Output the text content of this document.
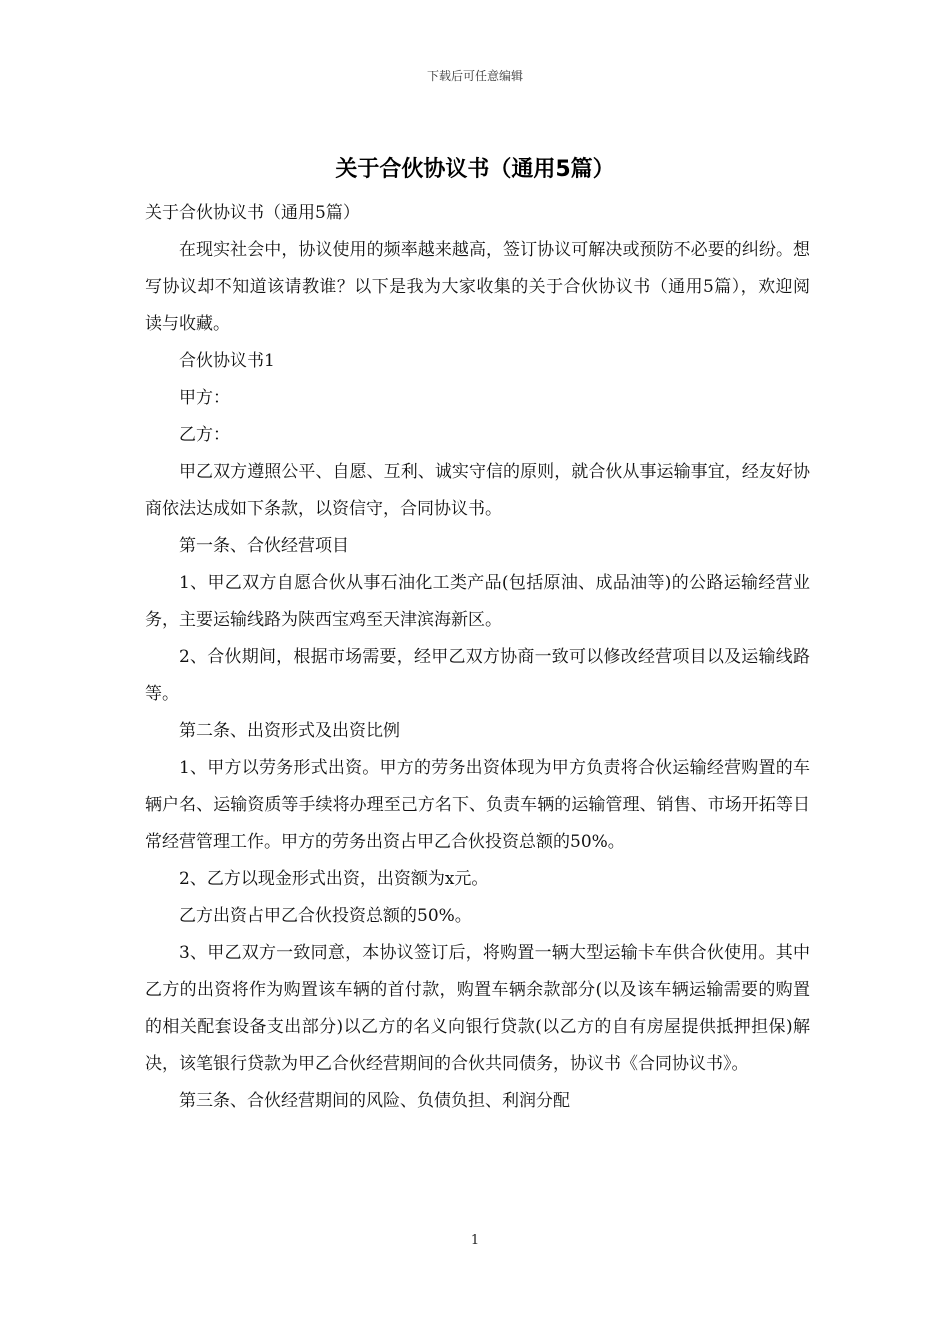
下载后可任意编辑
关于合伙协议书（通用5篇）

关于合伙协议书（通用5篇）

在现实社会中，协议使用的频率越来越高，签订协议可解决或预防不必要的纠纷。想写协议却不知道该请教谁？以下是我为大家收集的关于合伙协议书（通用5篇），欢迎阅读与收藏。

合伙协议书1

甲方：

乙方：

甲乙双方遵照公平、自愿、互利、诚实守信的原则，就合伙从事运输事宜，经友好协商依法达成如下条款，以资信守，合同协议书。

第一条、合伙经营项目

1、甲乙双方自愿合伙从事石油化工类产品(包括原油、成品油等)的公路运输经营业务，主要运输线路为陕西宝鸡至天津滨海新区。

2、合伙期间，根据市场需要，经甲乙双方协商一致可以修改经营项目以及运输线路等。

第二条、出资形式及出资比例

1、甲方以劳务形式出资。甲方的劳务出资体现为甲方负责将合伙运输经营购置的车辆户名、运输资质等手续将办理至己方名下、负责车辆的运输管理、销售、市场开拓等日常经营管理工作。甲方的劳务出资占甲乙合伙投资总额的50%。

2、乙方以现金形式出资，出资额为x元。

乙方出资占甲乙合伙投资总额的50%。

3、甲乙双方一致同意，本协议签订后，将购置一辆大型运输卡车供合伙使用。其中乙方的出资将作为购置该车辆的首付款，购置车辆余款部分(以及该车辆运输需要的购置的相关配套设备支出部分)以乙方的名义向银行贷款(以乙方的自有房屋提供抵押担保)解决，该笔银行贷款为甲乙合伙经营期间的合伙共同债务，协议书《合同协议书》。

第三条、合伙经营期间的风险、负债负担、利润分配

1
